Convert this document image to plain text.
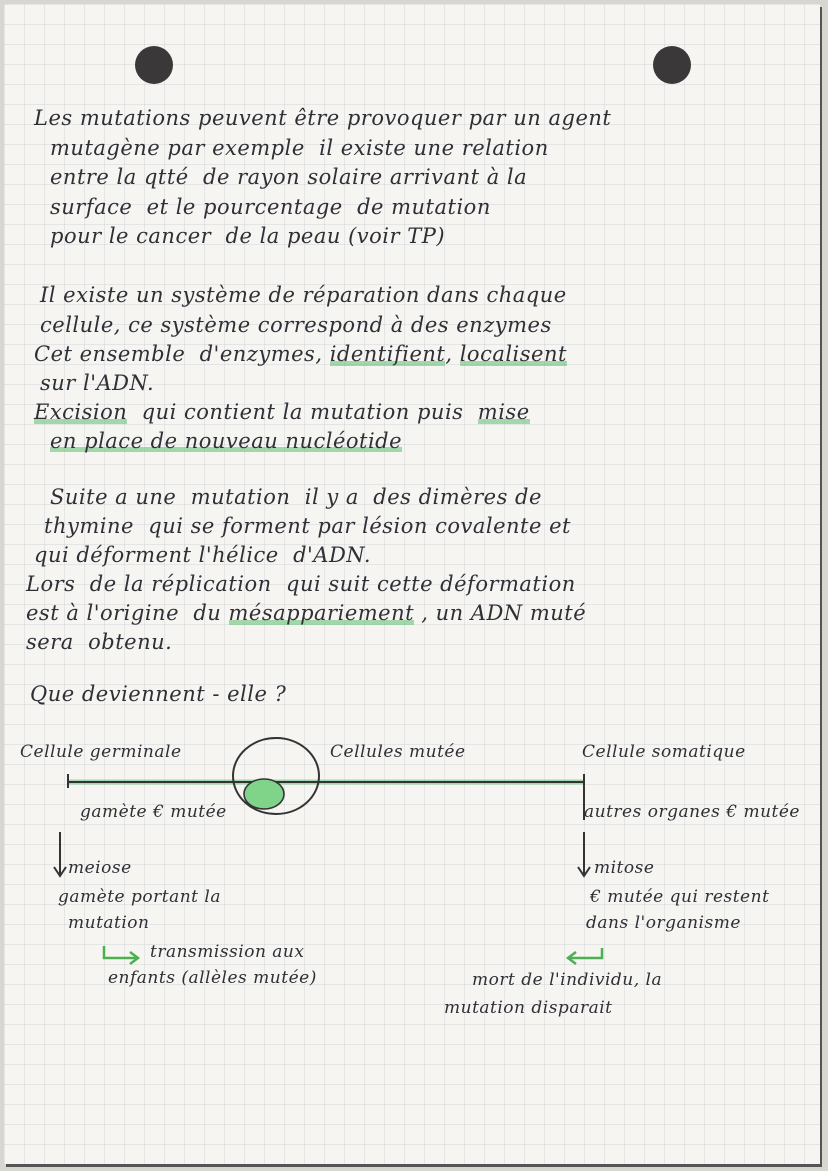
Les mutations peuvent être provoquer par un agent
mutagène par exemple  il existe une relation
entre la qtté  de rayon solaire arrivant à la
surface  et le pourcentage  de mutation
pour le cancer  de la peau (voir TP)
Il existe un système de réparation dans chaque
cellule, ce système correspond à des enzymes
Cet ensemble  d'enzymes, identifient, localisent
sur l'ADN.
Excision  qui contient la mutation puis  mise
en place de nouveau nucléotide
Suite a une  mutation  il y a  des dimères de
thymine  qui se forment par lésion covalente et
qui déforment l'hélice  d'ADN.
Lors  de la réplication  qui suit cette déformation
est à l'origine  du mésappariement , un ADN muté
sera  obtenu.
Que deviennent - elle ?
Cellule germinale	Cellules mutée	Cellule somatique
gamète € mutée	autres organes € mutée
meiose	mitose
gamète portant la
mutation
€ mutée qui restent
dans l'organisme
transmission aux
enfants (allèles mutée)	mort de l'individu, la
mutation disparait
